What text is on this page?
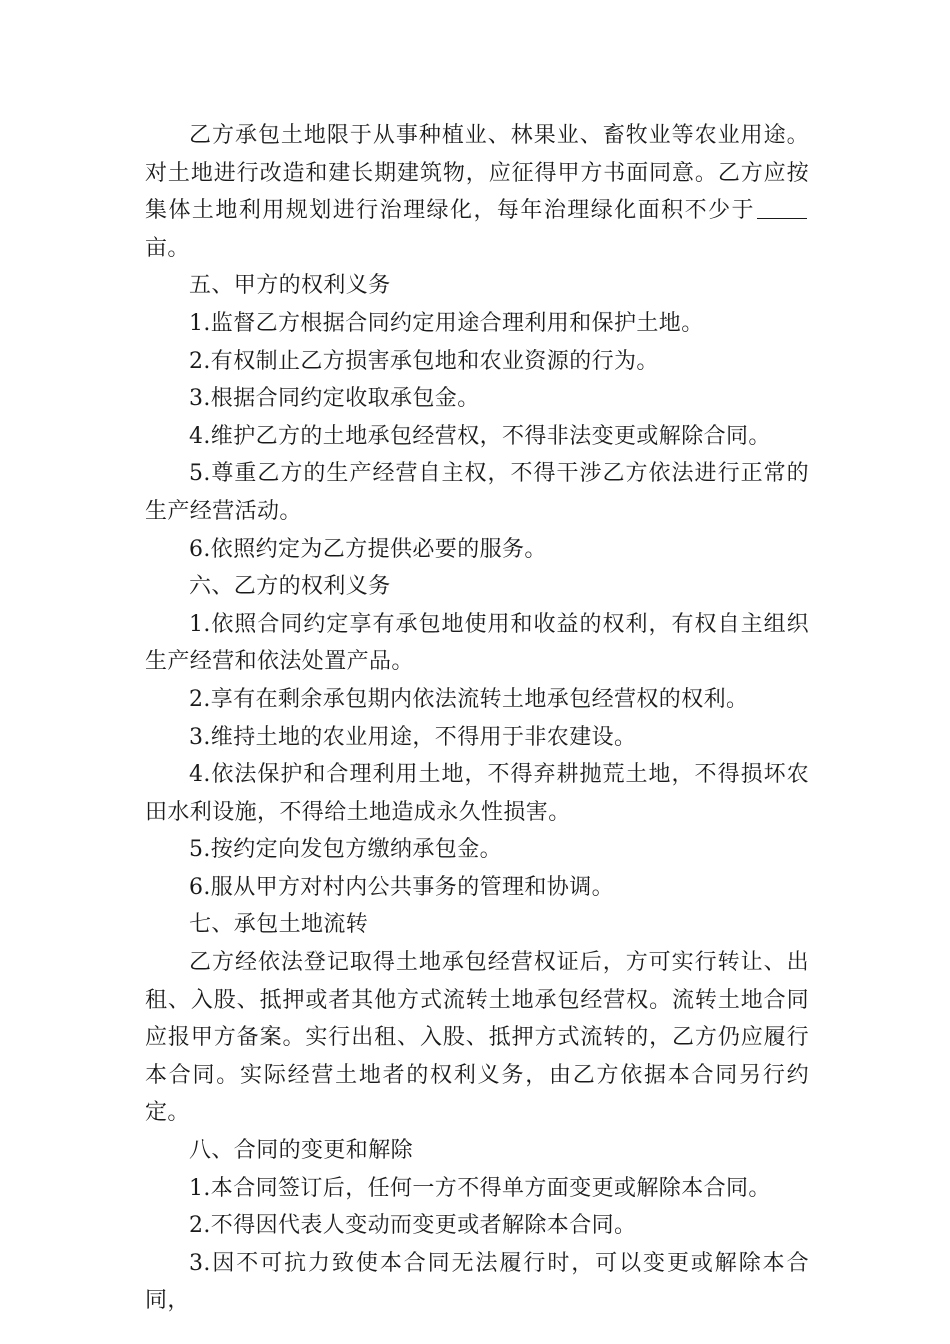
乙方承包土地限于从事种植业、林果业、畜牧业等农业用途。对土地进行改造和建长期建筑物，应征得甲方书面同意。乙方应按集体土地利用规划进行治理绿化，每年治理绿化面积不少于亩。

五、甲方的权利义务

1.监督乙方根据合同约定用途合理利用和保护土地。

2.有权制止乙方损害承包地和农业资源的行为。

3.根据合同约定收取承包金。

4.维护乙方的土地承包经营权，不得非法变更或解除合同。

5.尊重乙方的生产经营自主权，不得干涉乙方依法进行正常的生产经营活动。

6.依照约定为乙方提供必要的服务。

六、乙方的权利义务

1.依照合同约定享有承包地使用和收益的权利，有权自主组织生产经营和依法处置产品。

2.享有在剩余承包期内依法流转土地承包经营权的权利。

3.维持土地的农业用途，不得用于非农建设。

4.依法保护和合理利用土地，不得弃耕抛荒土地，不得损坏农田水利设施，不得给土地造成永久性损害。

5.按约定向发包方缴纳承包金。

6.服从甲方对村内公共事务的管理和协调。

七、承包土地流转

乙方经依法登记取得土地承包经营权证后，方可实行转让、出租、入股、抵押或者其他方式流转土地承包经营权。流转土地合同应报甲方备案。实行出租、入股、抵押方式流转的，乙方仍应履行本合同。实际经营土地者的权利义务，由乙方依据本合同另行约定。

八、合同的变更和解除

1.本合同签订后，任何一方不得单方面变更或解除本合同。

2.不得因代表人变动而变更或者解除本合同。

3.因不可抗力致使本合同无法履行时，可以变更或解除本合同，
